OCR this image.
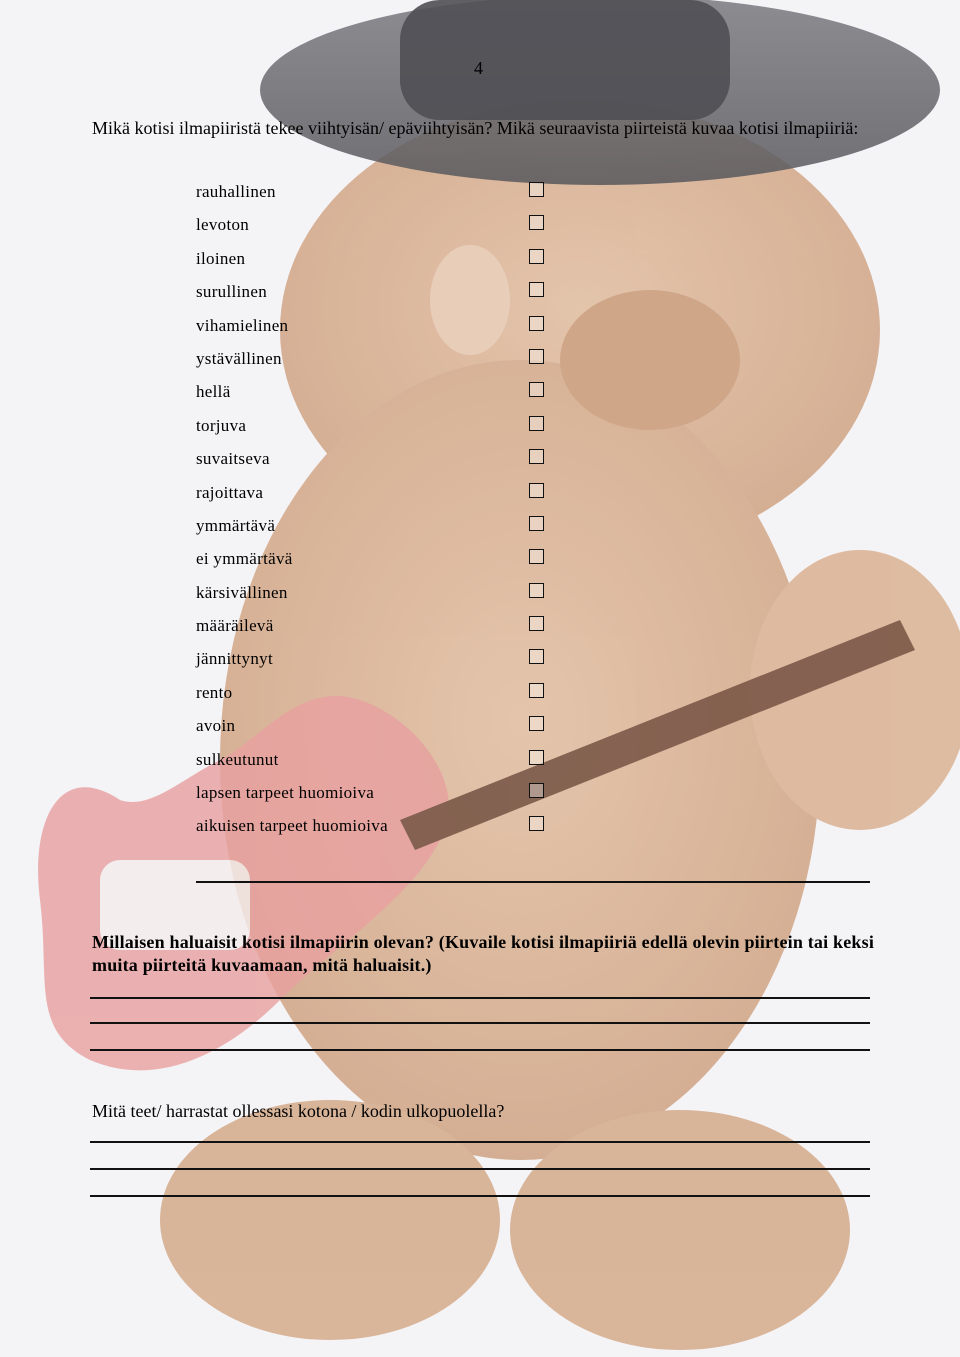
4

Mikä kotisi ilmapiiristä tekee viihtyisän/ epäviihtyisän? Mikä seuraavista piirteistä kuvaa kotisi ilmapiiriä:

rauhallinen
levoton
iloinen
surullinen
vihamielinen
ystävällinen
hellä
torjuva
suvaitseva
rajoittava
ymmärtävä
ei ymmärtävä
kärsivällinen
määräilevä
jännittynyt
rento
avoin
sulkeutunut
lapsen tarpeet huomioiva
aikuisen tarpeet huomioiva

Millaisen haluaisit kotisi ilmapiirin olevan? (Kuvaile kotisi ilmapiiriä edellä olevin piirtein tai keksi muita piirteitä kuvaamaan, mitä haluaisit.)

Mitä teet/ harrastat ollessasi kotona / kodin ulkopuolella?
